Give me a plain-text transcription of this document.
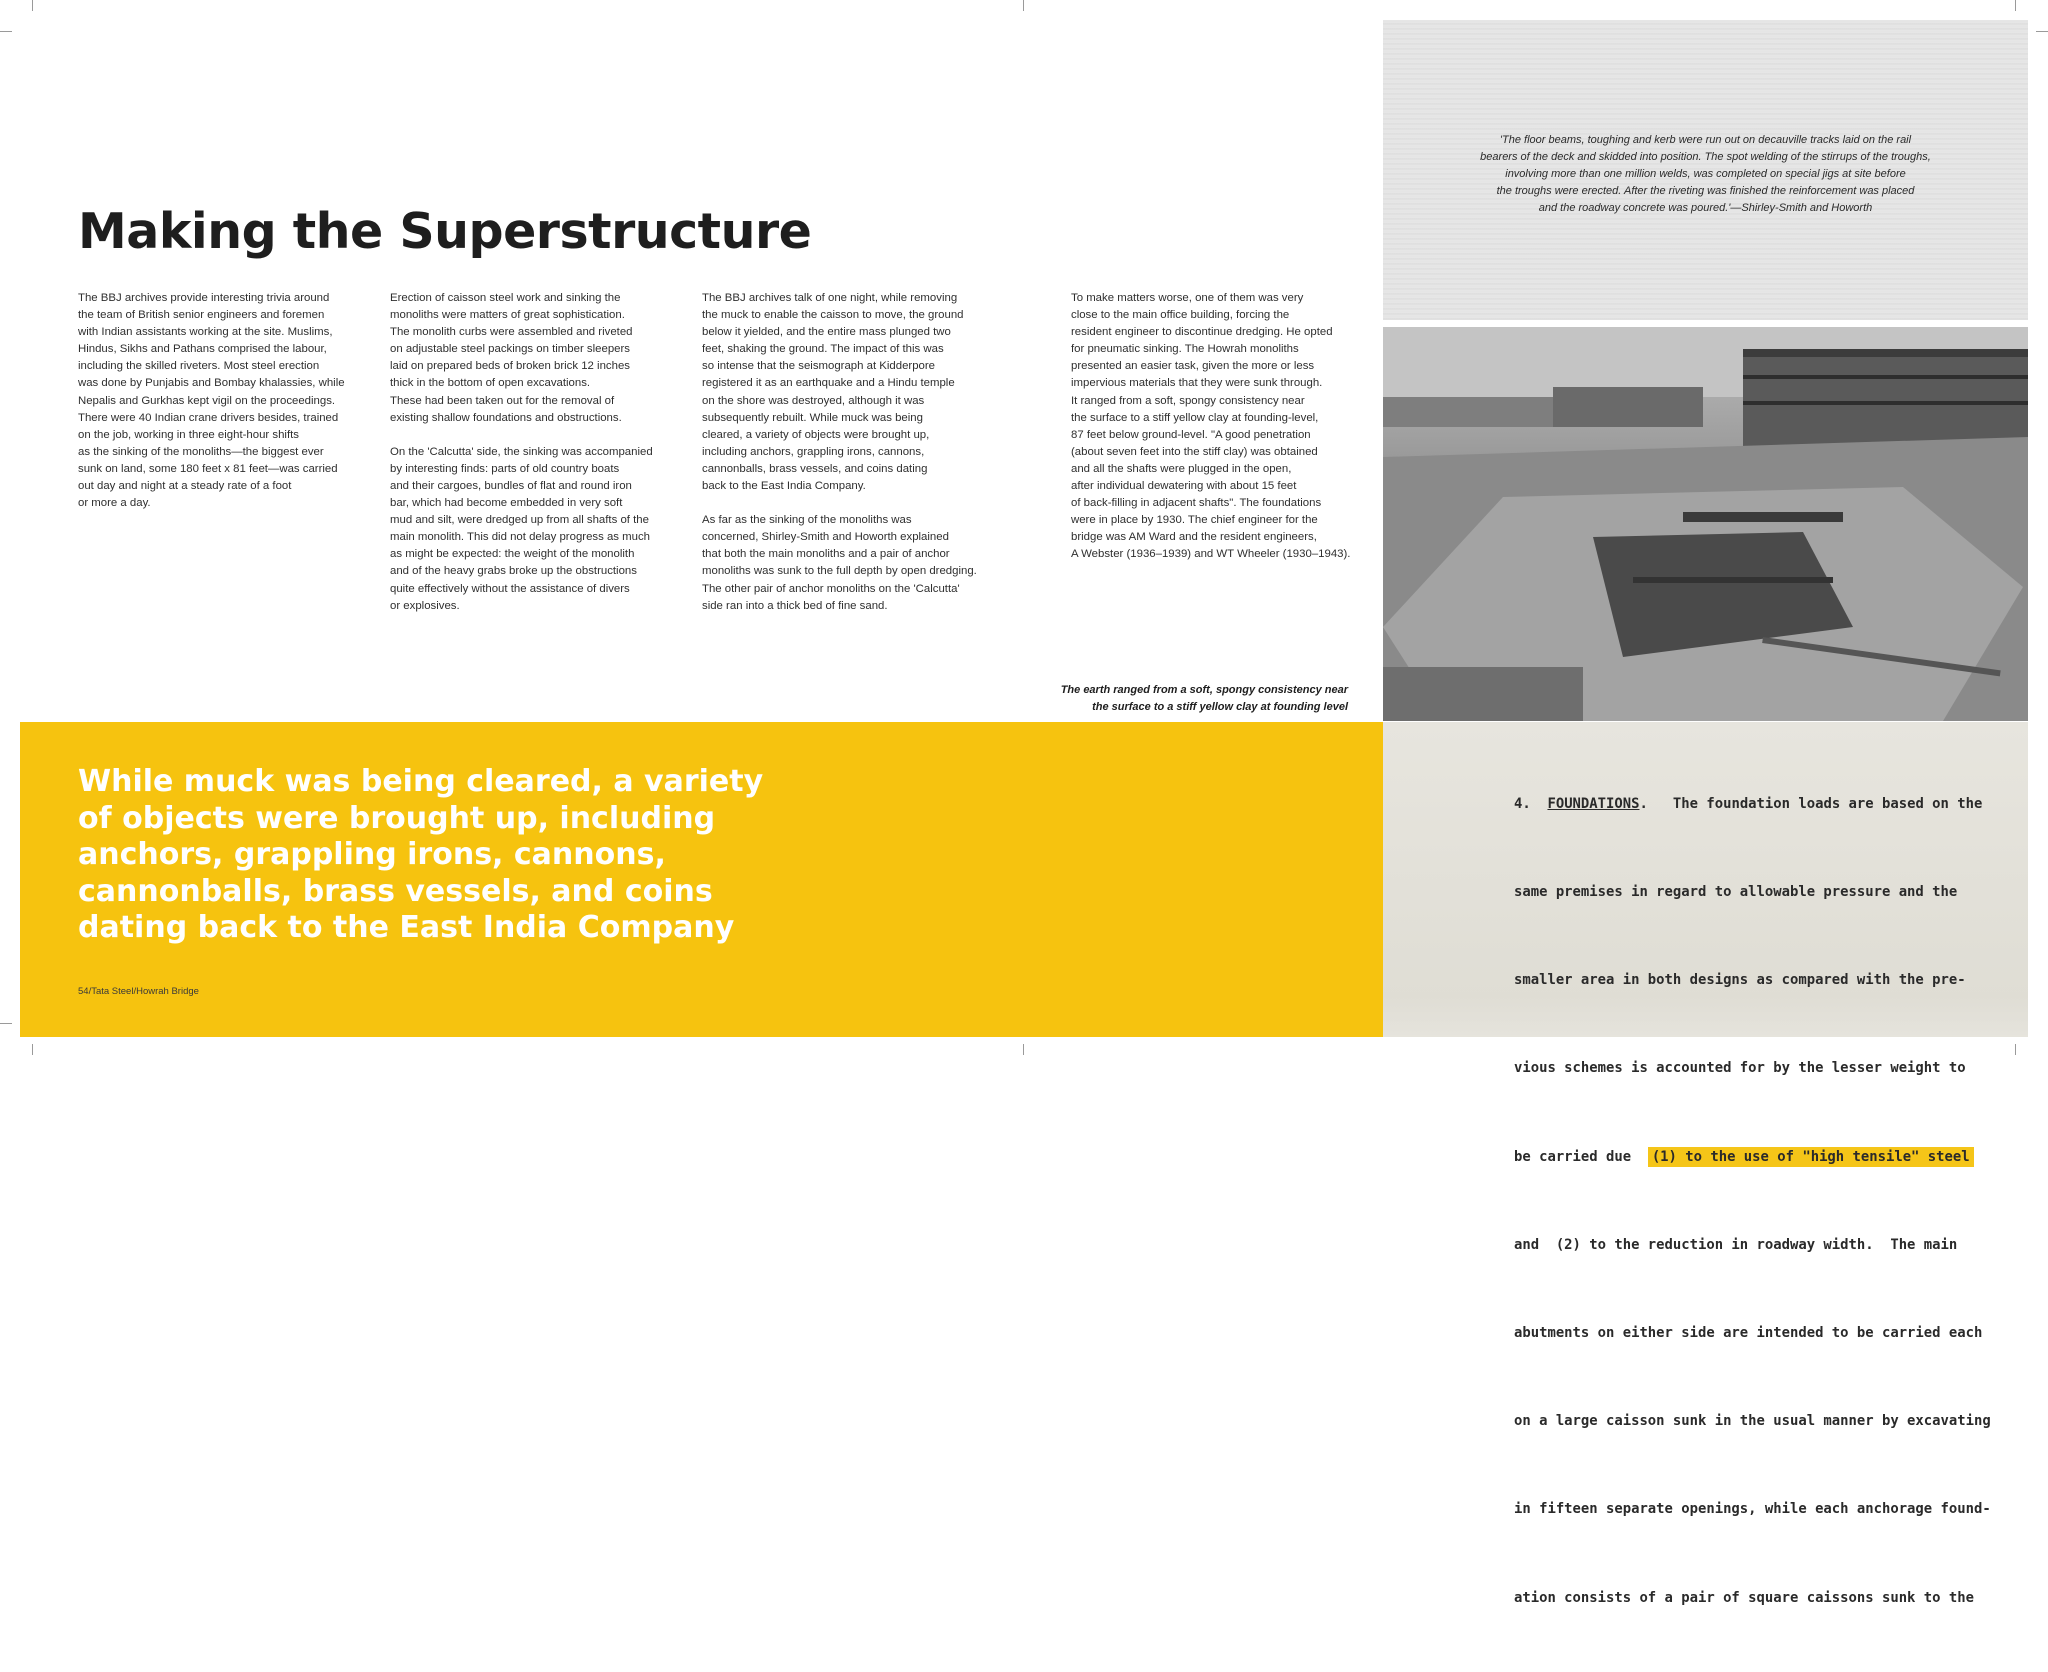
Making the Superstructure

The BBJ archives provide interesting trivia around
the team of British senior engineers and foremen
with Indian assistants working at the site. Muslims,
Hindus, Sikhs and Pathans comprised the labour,
including the skilled riveters. Most steel erection
was done by Punjabis and Bombay khalassies, while
Nepalis and Gurkhas kept vigil on the proceedings.
There were 40 Indian crane drivers besides, trained
on the job, working in three eight-hour shifts
as the sinking of the monoliths—the biggest ever
sunk on land, some 180 feet x 81 feet—was carried
out day and night at a steady rate of a foot
or more a day.

Erection of caisson steel work and sinking the
monoliths were matters of great sophistication.
The monolith curbs were assembled and riveted
on adjustable steel packings on timber sleepers
laid on prepared beds of broken brick 12 inches
thick in the bottom of open excavations.
These had been taken out for the removal of
existing shallow foundations and obstructions.

On the 'Calcutta' side, the sinking was accompanied
by interesting finds: parts of old country boats
and their cargoes, bundles of flat and round iron
bar, which had become embedded in very soft
mud and silt, were dredged up from all shafts of the
main monolith. This did not delay progress as much
as might be expected: the weight of the monolith
and of the heavy grabs broke up the obstructions
quite effectively without the assistance of divers
or explosives.

The BBJ archives talk of one night, while removing
the muck to enable the caisson to move, the ground
below it yielded, and the entire mass plunged two
feet, shaking the ground. The impact of this was
so intense that the seismograph at Kidderpore
registered it as an earthquake and a Hindu temple
on the shore was destroyed, although it was
subsequently rebuilt. While muck was being
cleared, a variety of objects were brought up,
including anchors, grappling irons, cannons,
cannonballs, brass vessels, and coins dating
back to the East India Company.

As far as the sinking of the monoliths was
concerned, Shirley-Smith and Howorth explained
that both the main monoliths and a pair of anchor
monoliths was sunk to the full depth by open dredging.
The other pair of anchor monoliths on the 'Calcutta'
side ran into a thick bed of fine sand.

To make matters worse, one of them was very
close to the main office building, forcing the
resident engineer to discontinue dredging. He opted
for pneumatic sinking. The Howrah monoliths
presented an easier task, given the more or less
impervious materials that they were sunk through.
It ranged from a soft, spongy consistency near
the surface to a stiff yellow clay at founding-level,
87 feet below ground-level. "A good penetration
(about seven feet into the stiff clay) was obtained
and all the shafts were plugged in the open,
after individual dewatering with about 15 feet
of back-filling in adjacent shafts". The foundations
were in place by 1930. The chief engineer for the
bridge was AM Ward and the resident engineers,
A Webster (1936–1939) and WT Wheeler (1930–1943).

The earth ranged from a soft, spongy consistency near
the surface to a stiff yellow clay at founding level
'The floor beams, toughing and kerb were run out on decauville tracks laid on the rail
bearers of the deck and skidded into position. The spot welding of the stirrups of the troughs,
involving more than one million welds, was completed on special jigs at site before
the troughs were erected. After the riveting was finished the reinforcement was placed
and the roadway concrete was poured.'—Shirley-Smith and Howorth

While muck was being cleared, a variety
of objects were brought up, including
anchors, grappling irons, cannons,
cannonballs, brass vessels, and coins
dating back to the East India Company

54/Tata Steel/Howrah Bridge

4. FOUNDATIONS.   The foundation loads are based on the

same premises in regard to allowable pressure and the

smaller area in both designs as compared with the pre-

vious schemes is accounted for by the lesser weight to

be carried due  (1) to the use of "high tensile" steel

and  (2) to the reduction in roadway width.  The main

abutments on either side are intended to be carried each

on a large caisson sunk in the usual manner by excavating

in fifteen separate openings, while each anchorage found-

ation consists of a pair of square caissons sunk to the
